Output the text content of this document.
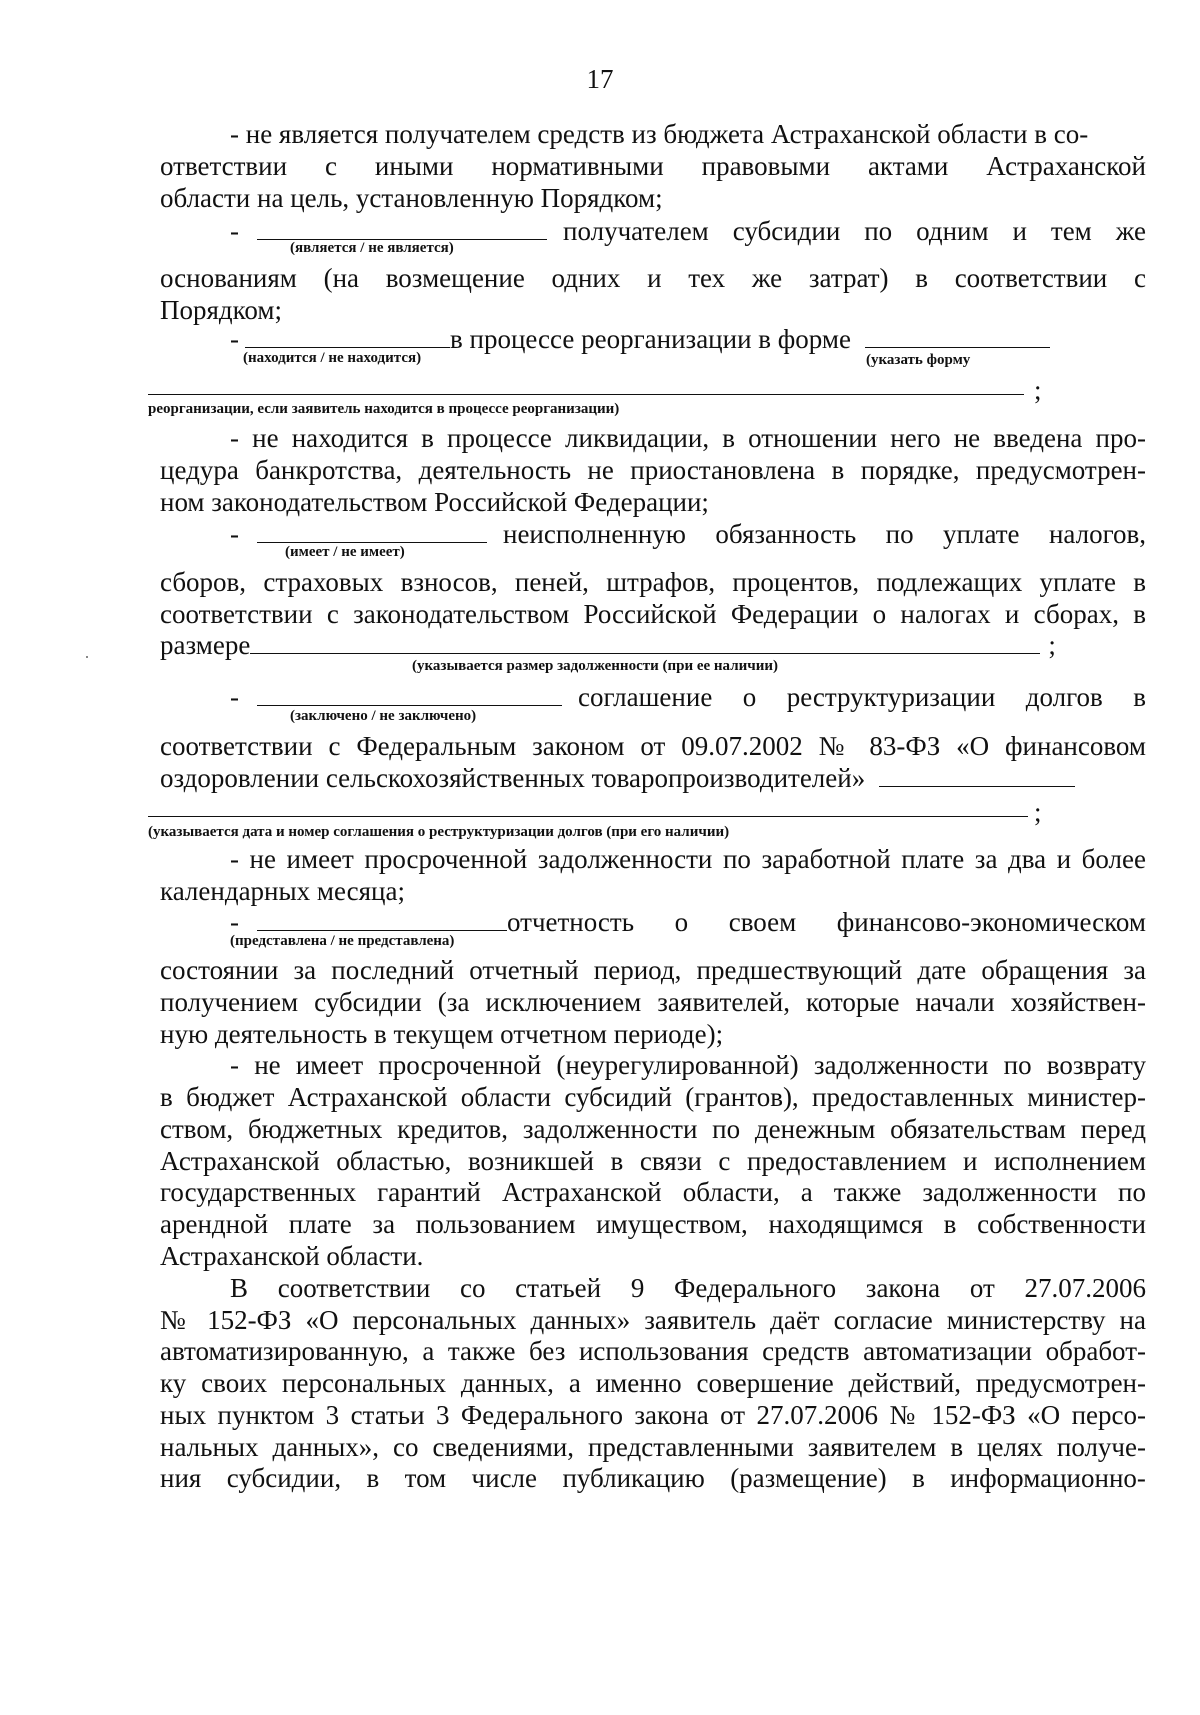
17
- не является получателем средств из бюджета Астраханской области в со-
ответствии с иными нормативными правовыми актами Астраханской
области на цель, установленную Порядком;
-	получателем субсидии по одним и тем же
(является / не является)
основаниям (на возмещение одних и тех же затрат) в соответствии с
Порядком;
-	в процессе реорганизации в форме
(находится / не находится)	(указать форму
;
реорганизации, если заявитель находится в процессе реорганизации)
- не находится в процессе ликвидации, в отношении него не введена про-
цедура банкротства, деятельность не приостановлена в порядке, предусмотрен-
ном законодательством Российской Федерации;
-	неисполненную обязанность по уплате налогов,
(имеет / не имеет)
сборов, страховых взносов, пеней, штрафов, процентов, подлежащих уплате в
соответствии с законодательством Российской Федерации о налогах и сборах, в
размере	;
(указывается размер задолженности (при ее наличии)
-	соглашение о реструктуризации долгов в
(заключено / не заключено)
соответствии с Федеральным законом от 09.07.2002 № 83-ФЗ «О финансовом
оздоровлении сельскохозяйственных товаропроизводителей»
;
(указывается дата и номер соглашения о реструктуризации долгов (при его наличии)
- не имеет просроченной задолженности по заработной плате за два и более
календарных месяца;
-	отчетность о своем финансово-экономическом
(представлена / не представлена)
состоянии за последний отчетный период, предшествующий дате обращения за
получением субсидии (за исключением заявителей, которые начали хозяйствен-
ную деятельность в текущем отчетном периоде);
- не имеет просроченной (неурегулированной) задолженности по возврату
в бюджет Астраханской области субсидий (грантов), предоставленных министер-
ством, бюджетных кредитов, задолженности по денежным обязательствам перед
Астраханской областью, возникшей в связи с предоставлением и исполнением
государственных гарантий Астраханской области, а также задолженности по
арендной плате за пользованием имуществом, находящимся в собственности
Астраханской области.
В соответствии со статьей 9 Федерального закона от 27.07.2006
№ 152-ФЗ «О персональных данных» заявитель даёт согласие министерству на
автоматизированную, а также без использования средств автоматизации обработ-
ку своих персональных данных, а именно совершение действий, предусмотрен-
ных пунктом 3 статьи 3 Федерального закона от 27.07.2006 № 152-ФЗ «О персо-
нальных данных», со сведениями, представленными заявителем в целях получе-
ния субсидии, в том числе публикацию (размещение) в информационно-
